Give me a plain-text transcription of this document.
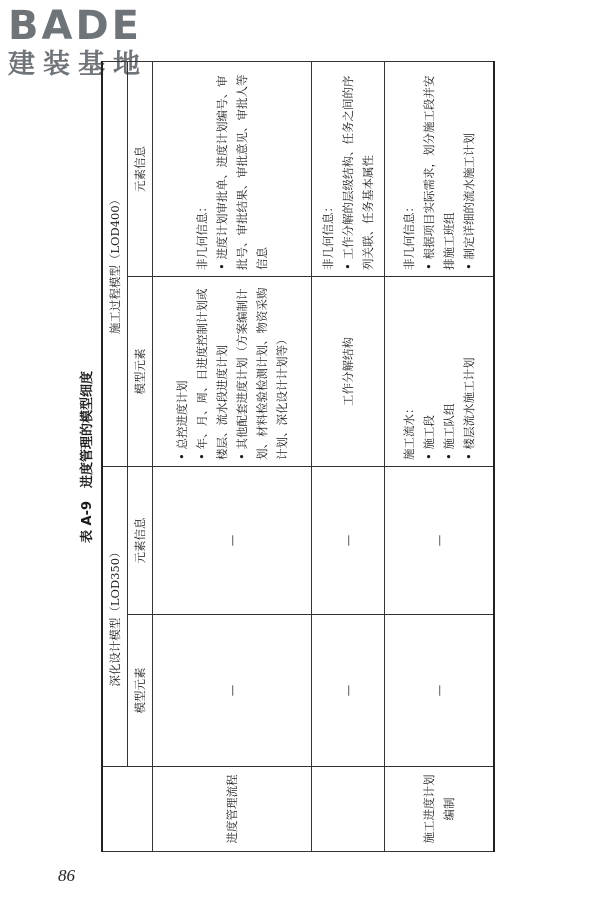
BADE
建装基地
表 A-9　进度管理的模型细度
	深化设计模型（LOD350）		施工过程模型（LOD400）	
	模型元素	元素信息	模型元素	元素信息
进度管理流程	—	—	• 总控进度计划 • 年、月、周、日进度控制计划或楼层、流水段进度计划 • 其他配套进度计划（方案编制计划、材料检验检测计划、物资采购计划、深化设计计划等）	非几何信息： • 进度计划审批单、进度计划编号、审批号、审批结果、审批意见、审批人等信息

	—	—	工作分解结构	非几何信息： • 工作分解的层级结构、任务之间的序列关联、任务基本属性

施工进度计划编制	—	—	施工流水： • 施工段 • 施工队组 • 楼层流水施工计划	非几何信息： • 根据项目实际需求，划分施工段并安排施工班组 • 制定详细的流水施工计划
86
